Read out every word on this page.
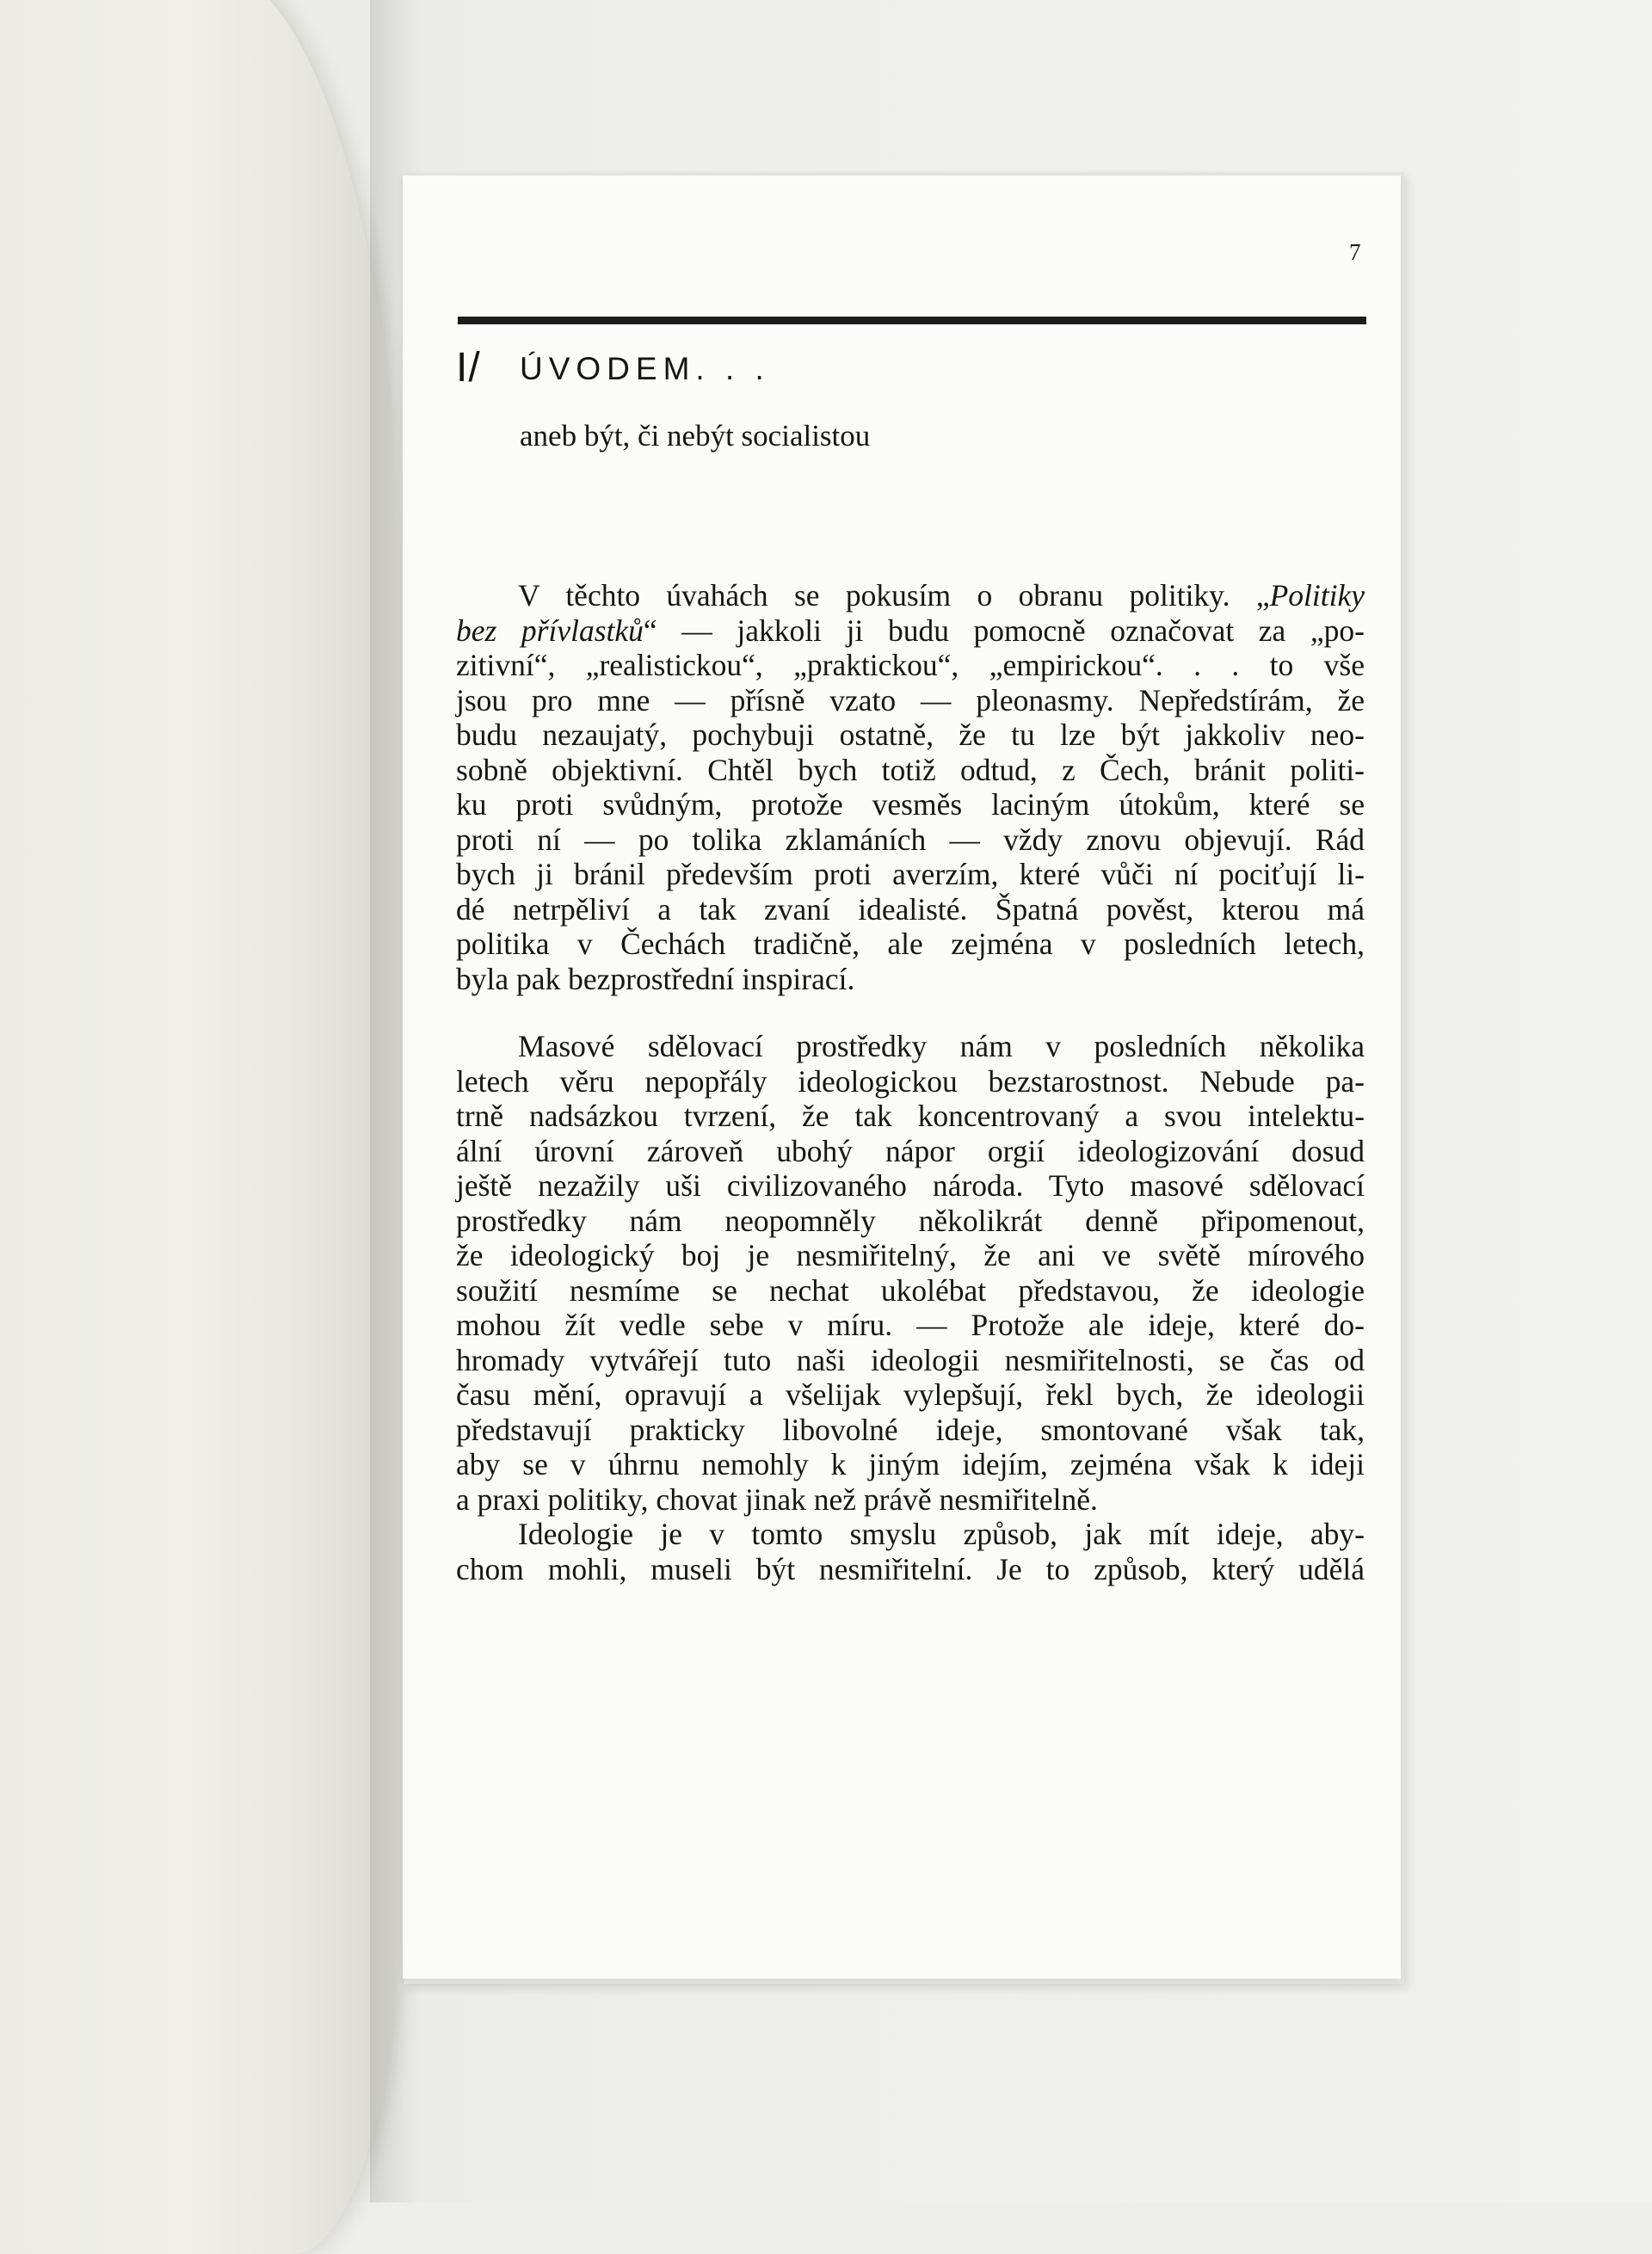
7
I/ ÚVODEM. . .
aneb být, či nebýt socialistou
V těchto úvahách se pokusím o obranu politiky. „Politiky
bez přívlastků“ — jakkoli ji budu pomocně označovat za „po-
zitivní“, „realistickou“, „praktickou“, „empirickou“. . . to vše
jsou pro mne — přísně vzato — pleonasmy. Nepředstírám, že
budu nezaujatý, pochybuji ostatně, že tu lze být jakkoliv neo-
sobně objektivní. Chtěl bych totiž odtud, z Čech, bránit politi-
ku proti svůdným, protože vesměs laciným útokům, které se
proti ní — po tolika zklamáních — vždy znovu objevují. Rád
bych ji bránil především proti averzím, které vůči ní pociťují li-
dé netrpěliví a tak zvaní idealisté. Špatná pověst, kterou má
politika v Čechách tradičně, ale zejména v posledních letech,
byla pak bezprostřední inspirací.
Masové sdělovací prostředky nám v posledních několika
letech věru nepopřály ideologickou bezstarostnost. Nebude pa-
trně nadsázkou tvrzení, že tak koncentrovaný a svou intelektu-
ální úrovní zároveň ubohý nápor orgií ideologizování dosud
ještě nezažily uši civilizovaného národa. Tyto masové sdělovací
prostředky nám neopomněly několikrát denně připomenout,
že ideologický boj je nesmiřitelný, že ani ve světě mírového
soužití nesmíme se nechat ukolébat představou, že ideologie
mohou žít vedle sebe v míru. — Protože ale ideje, které do-
hromady vytvářejí tuto naši ideologii nesmiřitelnosti, se čas od
času mění, opravují a všelijak vylepšují, řekl bych, že ideologii
představují prakticky libovolné ideje, smontované však tak,
aby se v úhrnu nemohly k jiným idejím, zejména však k ideji
a praxi politiky, chovat jinak než právě nesmiřitelně.
Ideologie je v tomto smyslu způsob, jak mít ideje, aby-
chom mohli, museli být nesmiřitelní. Je to způsob, který udělá
